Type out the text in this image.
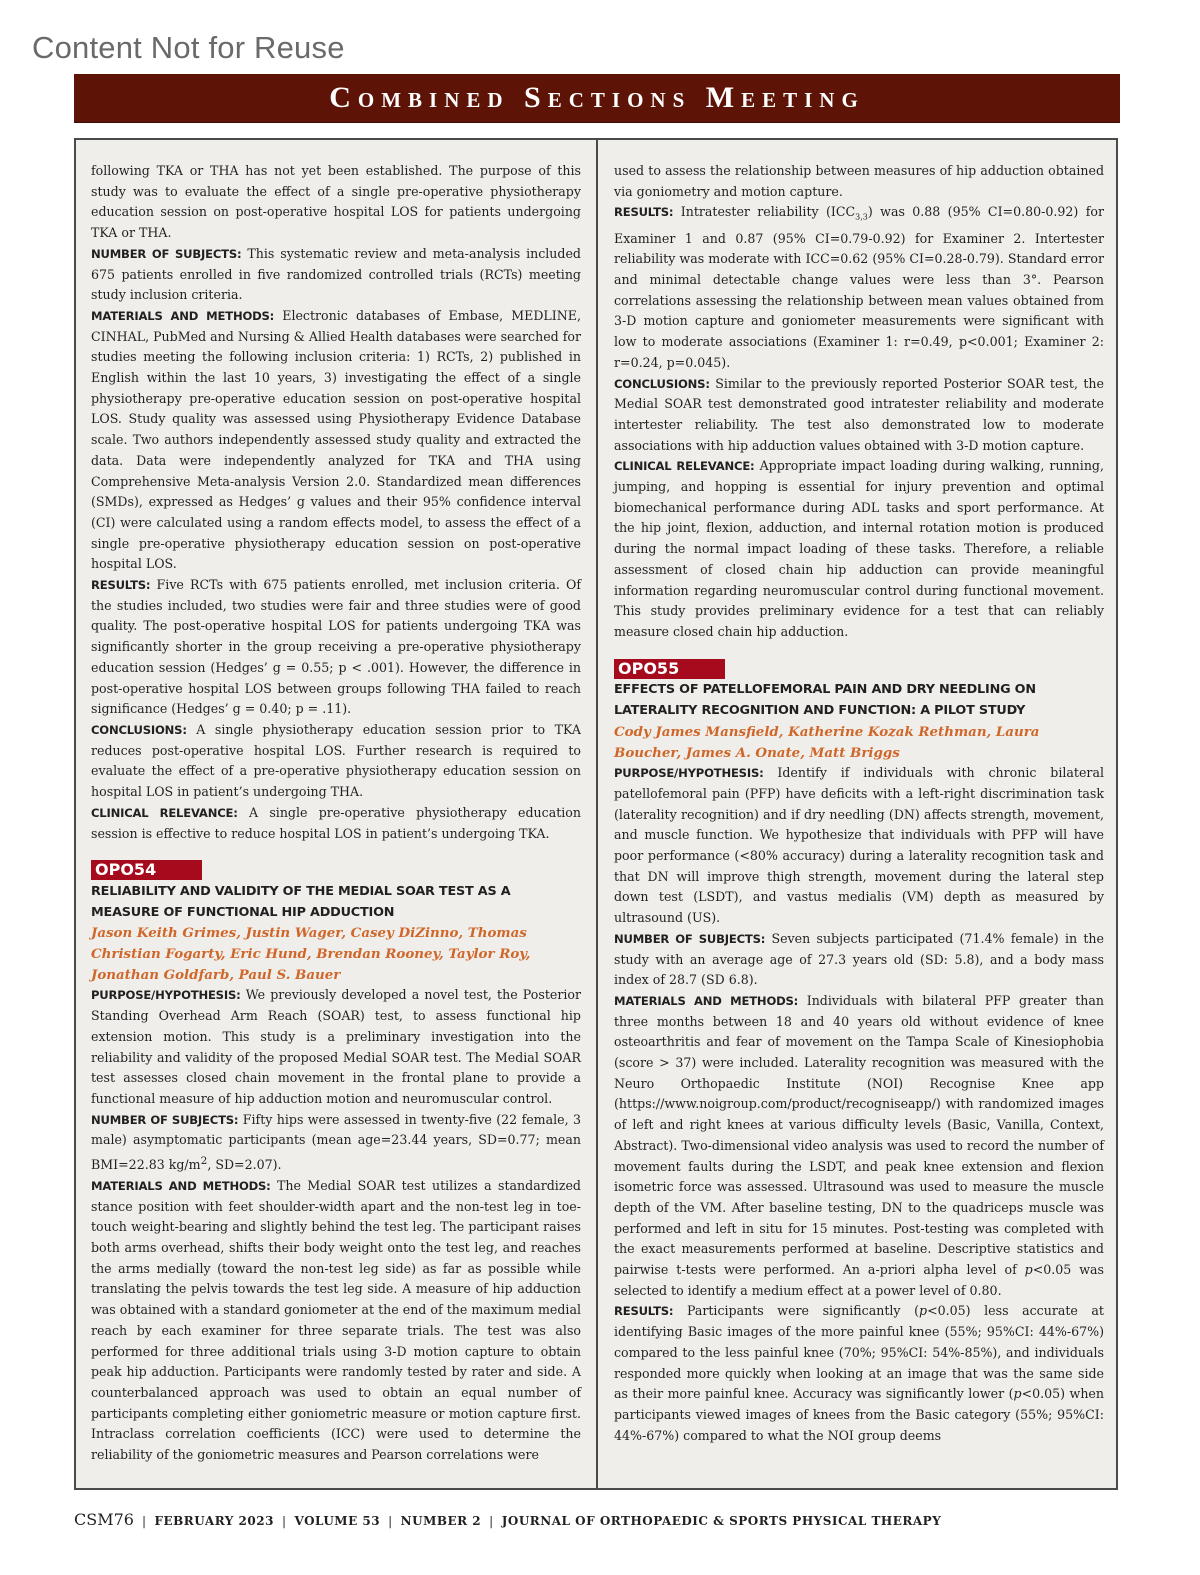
Content Not for Reuse
Combined Sections Meeting

following TKA or THA has not yet been established. The purpose of this study was to evaluate the effect of a single pre-operative physiotherapy education session on post-operative hospital LOS for patients undergoing TKA or THA.

NUMBER OF SUBJECTS: This systematic review and meta-analysis included 675 patients enrolled in five randomized controlled trials (RCTs) meeting study inclusion criteria.

MATERIALS AND METHODS: Electronic databases of Embase, MEDLINE, CINHAL, PubMed and Nursing & Allied Health databases were searched for studies meeting the following inclusion criteria: 1) RCTs, 2) published in English within the last 10 years, 3) investigating the effect of a single physiotherapy pre-operative education session on post-operative hospital LOS. Study quality was assessed using Physiotherapy Evidence Database scale. Two authors independently assessed study quality and extracted the data. Data were independently analyzed for TKA and THA using Comprehensive Meta-analysis Version 2.0. Standardized mean differences (SMDs), expressed as Hedges’ g values and their 95% confidence interval (CI) were calculated using a random effects model, to assess the effect of a single pre-operative physiotherapy education session on post-operative hospital LOS.

RESULTS: Five RCTs with 675 patients enrolled, met inclusion criteria. Of the studies included, two studies were fair and three studies were of good quality. The post-operative hospital LOS for patients undergoing TKA was significantly shorter in the group receiving a pre-operative physiotherapy education session (Hedges’ g = 0.55; p < .001). However, the difference in post-operative hospital LOS between groups following THA failed to reach significance (Hedges’ g = 0.40; p = .11).

CONCLUSIONS: A single physiotherapy education session prior to TKA reduces post-operative hospital LOS. Further research is required to evaluate the effect of a pre-operative physiotherapy education session on hospital LOS in patient’s undergoing THA.

CLINICAL RELEVANCE: A single pre-operative physiotherapy education session is effective to reduce hospital LOS in patient’s undergoing TKA.

OPO54

RELIABILITY AND VALIDITY OF THE MEDIAL SOAR TEST AS A MEASURE OF FUNCTIONAL HIP ADDUCTION

Jason Keith Grimes, Justin Wager, Casey DiZinno, Thomas Christian Fogarty, Eric Hund, Brendan Rooney, Taylor Roy, Jonathan Goldfarb, Paul S. Bauer

PURPOSE/HYPOTHESIS: We previously developed a novel test, the Posterior Standing Overhead Arm Reach (SOAR) test, to assess functional hip extension motion. This study is a preliminary investigation into the reliability and validity of the proposed Medial SOAR test. The Medial SOAR test assesses closed chain movement in the frontal plane to provide a functional measure of hip adduction motion and neuromuscular control.

NUMBER OF SUBJECTS: Fifty hips were assessed in twenty-five (22 female, 3 male) asymptomatic participants (mean age=23.44 years, SD=0.77; mean BMI=22.83 $kg/m^2$, SD=2.07).

MATERIALS AND METHODS: The Medial SOAR test utilizes a standardized stance position with feet shoulder-width apart and the non-test leg in toe-touch weight-bearing and slightly behind the test leg. The participant raises both arms overhead, shifts their body weight onto the test leg, and reaches the arms medially (toward the non-test leg side) as far as possible while translating the pelvis towards the test leg side. A measure of hip adduction was obtained with a standard goniometer at the end of the maximum medial reach by each examiner for three separate trials. The test was also performed for three additional trials using 3-D motion capture to obtain peak hip adduction. Participants were randomly tested by rater and side. A counterbalanced approach was used to obtain an equal number of participants completing either goniometric measure or motion capture first. Intraclass correlation coefficients (ICC) were used to determine the reliability of the goniometric measures and Pearson correlations were

used to assess the relationship between measures of hip adduction obtained via goniometry and motion capture.

RESULTS: Intratester reliability $(ICC_{3,3})$ was 0.88 (95% CI=0.80-0.92) for Examiner 1 and 0.87 (95% CI=0.79-0.92) for Examiner 2. Intertester reliability was moderate with ICC=0.62 (95% CI=0.28-0.79). Standard error and minimal detectable change values were less than 3°. Pearson correlations assessing the relationship between mean values obtained from 3-D motion capture and goniometer measurements were significant with low to moderate associations (Examiner 1: r=0.49, p<0.001; Examiner 2: r=0.24, p=0.045).

CONCLUSIONS: Similar to the previously reported Posterior SOAR test, the Medial SOAR test demonstrated good intratester reliability and moderate intertester reliability. The test also demonstrated low to moderate associations with hip adduction values obtained with 3-D motion capture.

CLINICAL RELEVANCE: Appropriate impact loading during walking, running, jumping, and hopping is essential for injury prevention and optimal biomechanical performance during ADL tasks and sport performance. At the hip joint, flexion, adduction, and internal rotation motion is produced during the normal impact loading of these tasks. Therefore, a reliable assessment of closed chain hip adduction can provide meaningful information regarding neuromuscular control during functional movement. This study provides preliminary evidence for a test that can reliably measure closed chain hip adduction.

OPO55

EFFECTS OF PATELLOFEMORAL PAIN AND DRY NEEDLING ON LATERALITY RECOGNITION AND FUNCTION: A PILOT STUDY

Cody James Mansfield, Katherine Kozak Rethman, Laura Boucher, James A. Onate, Matt Briggs

PURPOSE/HYPOTHESIS: Identify if individuals with chronic bilateral patellofemoral pain (PFP) have deficits with a left-right discrimination task (laterality recognition) and if dry needling (DN) affects strength, movement, and muscle function. We hypothesize that individuals with PFP will have poor performance (<80% accuracy) during a laterality recognition task and that DN will improve thigh strength, movement during the lateral step down test (LSDT), and vastus medialis (VM) depth as measured by ultrasound (US).

NUMBER OF SUBJECTS: Seven subjects participated (71.4% female) in the study with an average age of 27.3 years old (SD: 5.8), and a body mass index of 28.7 (SD 6.8).

MATERIALS AND METHODS: Individuals with bilateral PFP greater than three months between 18 and 40 years old without evidence of knee osteoarthritis and fear of movement on the Tampa Scale of Kinesiophobia (score > 37) were included. Laterality recognition was measured with the Neuro Orthopaedic Institute (NOI) Recognise Knee app (https://www.noigroup.com/product/recogniseapp/) with randomized images of left and right knees at various difficulty levels (Basic, Vanilla, Context, Abstract). Two-dimensional video analysis was used to record the number of movement faults during the LSDT, and peak knee extension and flexion isometric force was assessed. Ultrasound was used to measure the muscle depth of the VM. After baseline testing, DN to the quadriceps muscle was performed and left in situ for 15 minutes. Post-testing was completed with the exact measurements performed at baseline. Descriptive statistics and pairwise t-tests were performed. An a-priori alpha level of p<0.05 was selected to identify a medium effect at a power level of 0.80.

RESULTS: Participants were significantly (p<0.05) less accurate at identifying Basic images of the more painful knee (55%; 95%CI: 44%-67%) compared to the less painful knee (70%; 95%CI: 54%-85%), and individuals responded more quickly when looking at an image that was the same side as their more painful knee. Accuracy was significantly lower (p<0.05) when participants viewed images of knees from the Basic category (55%; 95%CI: 44%-67%) compared to what the NOI group deems

CSM76 | FEBRUARY 2023 | VOLUME 53 | NUMBER 2 | JOURNAL OF ORTHOPAEDIC & SPORTS PHYSICAL THERAPY
